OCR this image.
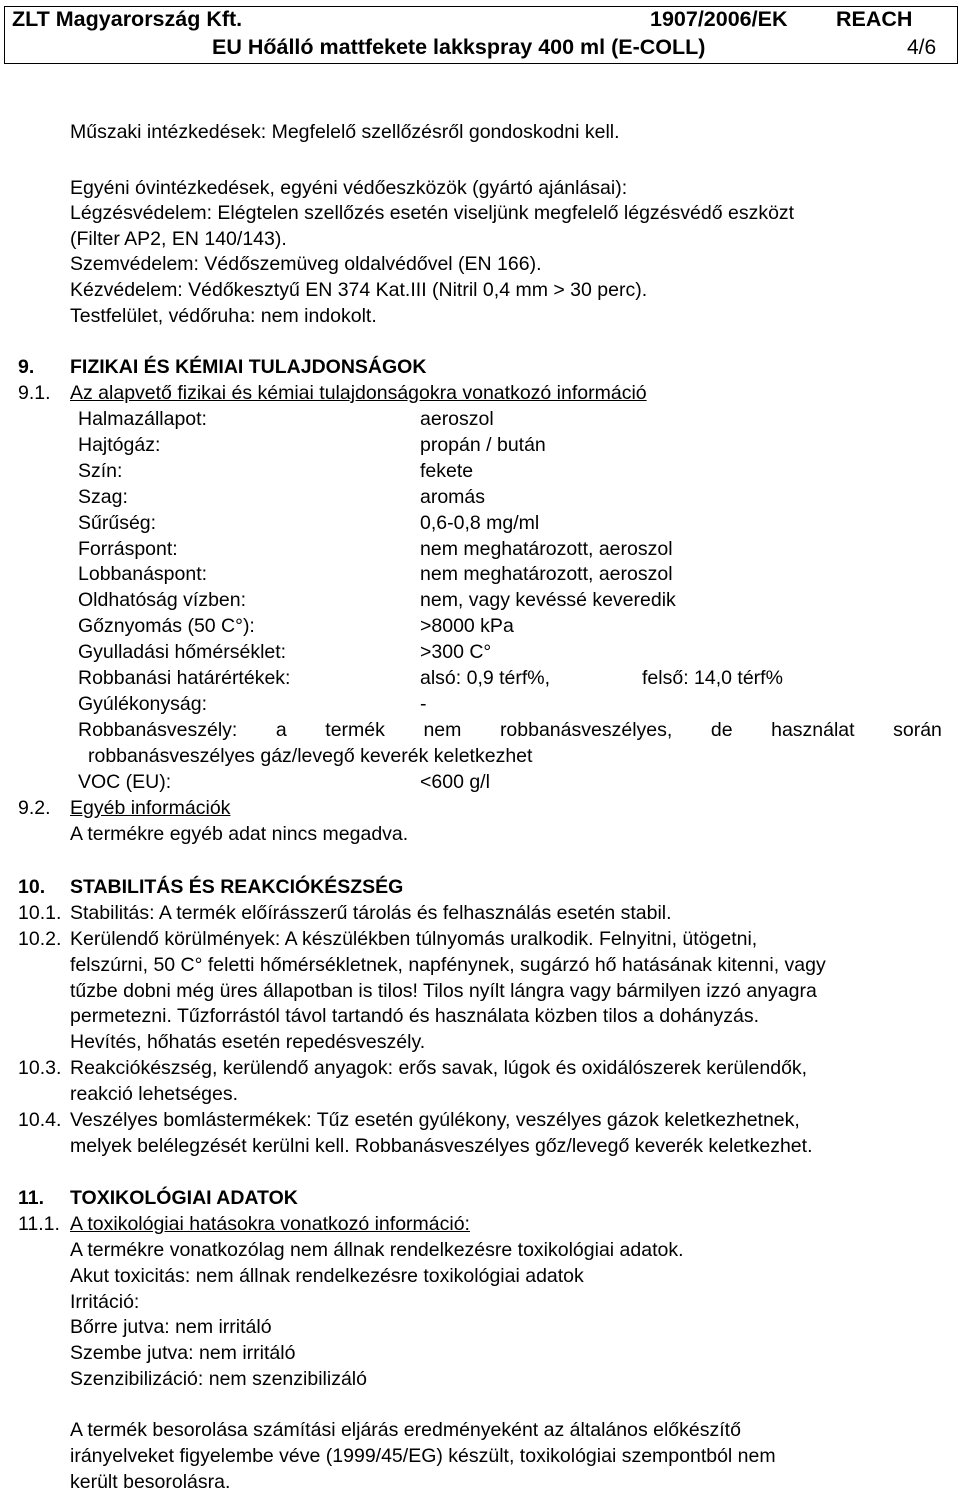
ZLT Magyarország Kft.	1907/2006/EK REACH
EU Hőálló mattfekete lakkspray 400 ml (E-COLL)	4/6
Műszaki intézkedések: Megfelelő szellőzésről gondoskodni kell.
Egyéni óvintézkedések, egyéni védőeszközök (gyártó ajánlásai):
Légzésvédelem: Elégtelen szellőzés esetén viseljünk megfelelő légzésvédő eszközt
(Filter AP2, EN 140/143).
Szemvédelem: Védőszemüveg oldalvédővel (EN 166).
Kézvédelem: Védőkesztyű EN 374 Kat.III (Nitril 0,4 mm > 30 perc).
Testfelület, védőruha: nem indokolt.
9. FIZIKAI ÉS KÉMIAI TULAJDONSÁGOK
9.1. Az alapvető fizikai és kémiai tulajdonságokra vonatkozó információ
Halmazállapot:	aeroszol
Hajtógáz:	propán / bután
Szín:	fekete
Szag:	aromás
Sűrűség:	0,6-0,8 mg/ml
Forráspont:	nem meghatározott, aeroszol
Lobbanáspont:	nem meghatározott, aeroszol
Oldhatóság vízben:	nem, vagy kevéssé keveredik
Gőznyomás (50 C°):	>8000 kPa
Gyulladási hőmérséklet:	>300 C°
Robbanási határértékek:	alsó: 0,9 térf%,	felső: 14,0 térf%
Gyúlékonyság:	-
Robbanásveszély: a termék nem robbanásveszélyes, de használat során
robbanásveszélyes gáz/levegő keverék keletkezhet
VOC (EU):	<600 g/l
9.2. Egyéb információk
A termékre egyéb adat nincs megadva.
10. STABILITÁS ÉS REAKCIÓKÉSZSÉG
10.1. Stabilitás: A termék előírásszerű tárolás és felhasználás esetén stabil.
10.2. Kerülendő körülmények: A készülékben túlnyomás uralkodik. Felnyitni, ütögetni,
felszúrni, 50 C° feletti hőmérsékletnek, napfénynek, sugárzó hő hatásának kitenni, vagy
tűzbe dobni még üres állapotban is tilos! Tilos nyílt lángra vagy bármilyen izzó anyagra
permetezni. Tűzforrástól távol tartandó és használata közben tilos a dohányzás.
Hevítés, hőhatás esetén repedésveszély.
10.3. Reakciókészség, kerülendő anyagok: erős savak, lúgok és oxidálószerek kerülendők,
reakció lehetséges.
10.4. Veszélyes bomlástermékek: Tűz esetén gyúlékony, veszélyes gázok keletkezhetnek,
melyek belélegzését kerülni kell. Robbanásveszélyes gőz/levegő keverék keletkezhet.
11. TOXIKOLÓGIAI ADATOK
11.1. A toxikológiai hatásokra vonatkozó információ:
A termékre vonatkozólag nem állnak rendelkezésre toxikológiai adatok.
Akut toxicitás: nem állnak rendelkezésre toxikológiai adatok
Irritáció:
Bőrre jutva: nem irritáló
Szembe jutva: nem irritáló
Szenzibilizáció: nem szenzibilizáló
A termék besorolása számítási eljárás eredményeként az általános előkészítő
irányelveket figyelembe véve (1999/45/EG) készült, toxikológiai szempontból nem
került besorolásra.
